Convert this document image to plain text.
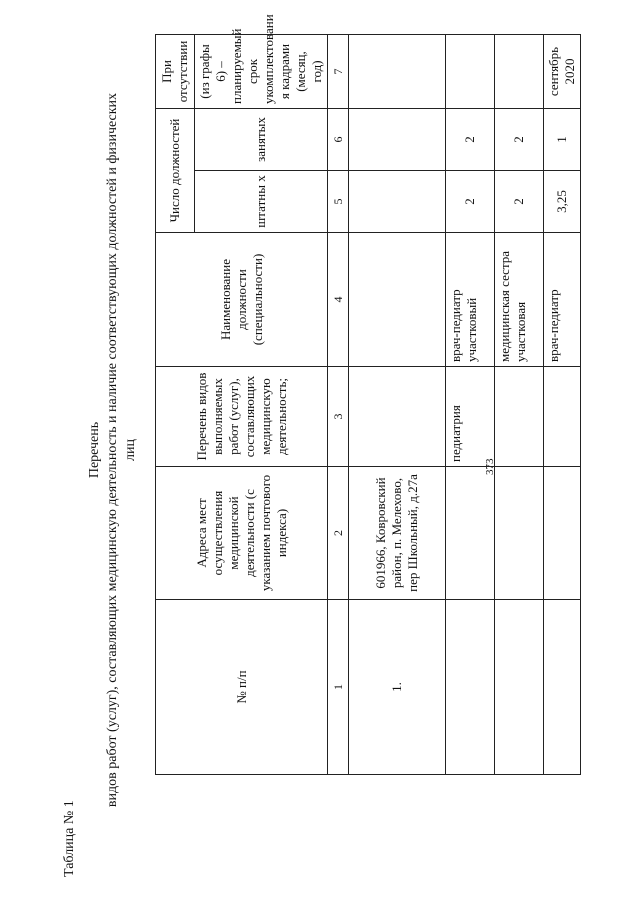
373
Таблица № 1
Перечень видов работ (услуг), составляющих медицинскую деятельность и наличие соответствующих должностей и физических лиц
№ п/п	Адреса мест осуществления медицинской деятельности (с указанием почтового индекса)	Перечень видов выполняемых работ (услуг), составляющих медицинскую деятельность;	Наименование должности (специальности)	Число должностей		При отсутствии
				штатны х	занятых	(из графы 6) – планируемый срок укомплектовани я кадрами (месяц, год)
1	2	3	4	5	6	7
1.	601966, Ковровский район, п. Мелехово, пер Школьный, д.27а					
		педиатрия	врач-педиатр участковый	2	2	
			медицинская сестра участковая	2	2	
			врач-педиатр	3,25	1	сентябрь 2020
